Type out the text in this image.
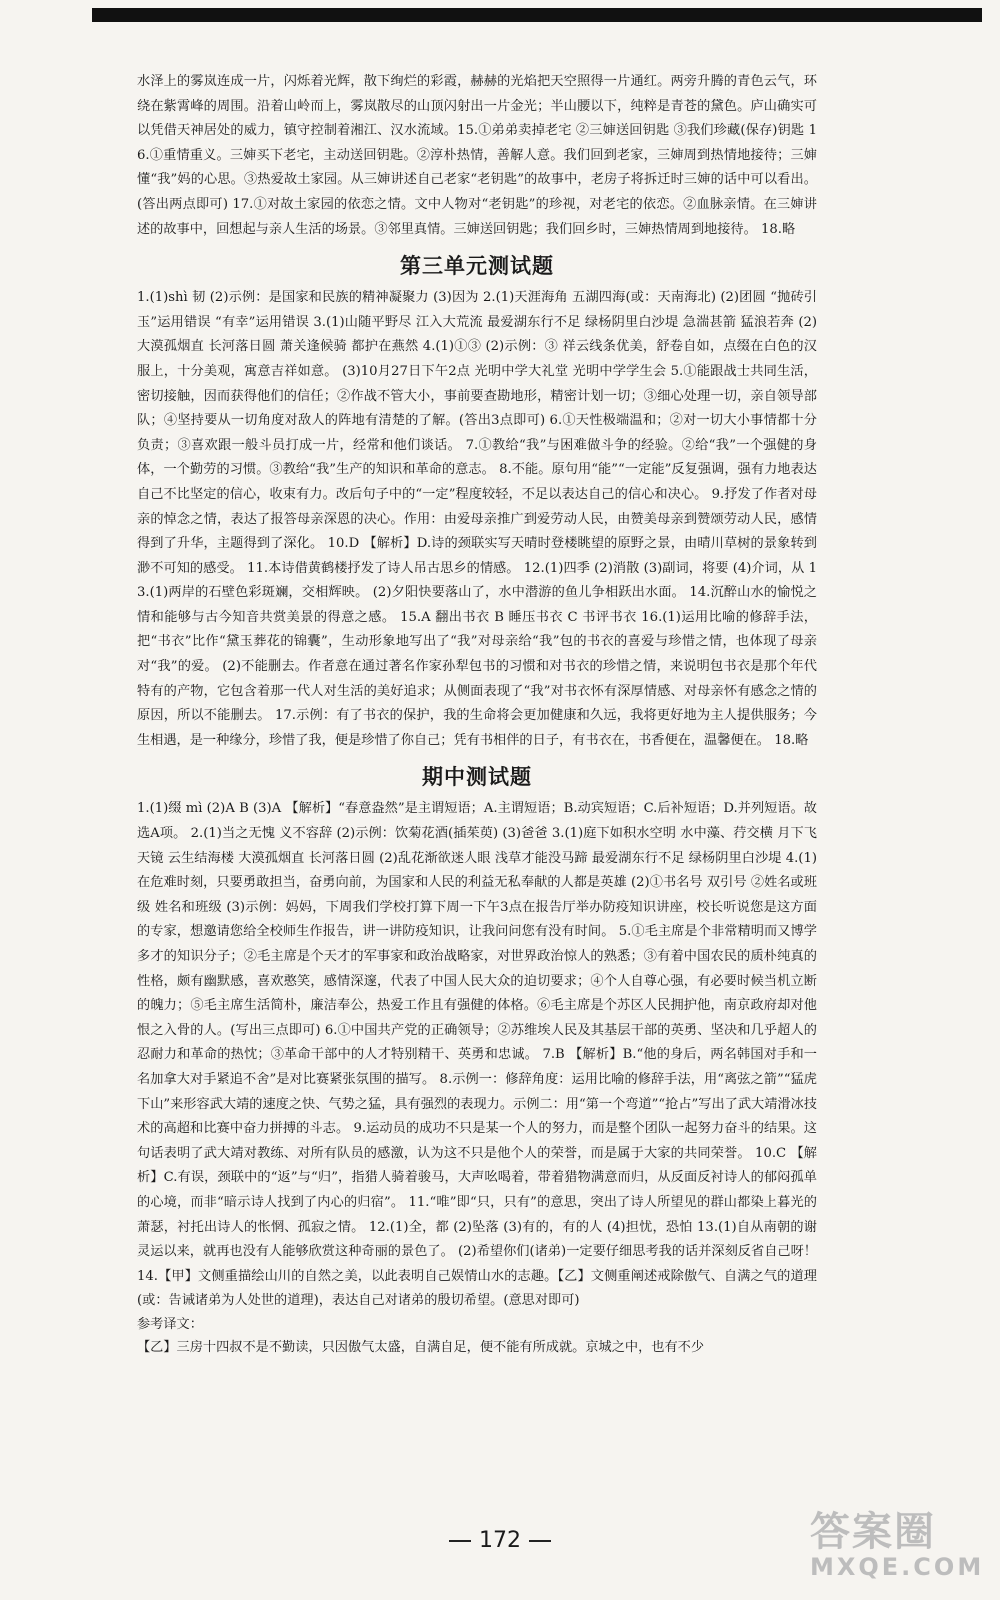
水泽上的雾岚连成一片，闪烁着光辉，散下绚烂的彩霞，赫赫的光焰把天空照得一片通红。两旁升腾的青色云气，环绕在紫霄峰的周围。沿着山岭而上，雾岚散尽的山顶闪射出一片金光；半山腰以下，纯粹是青苍的黛色。庐山确实可以凭借天神居处的威力，镇守控制着湘江、汉水流域。15.①弟弟卖掉老宅 ②三婶送回钥匙 ③我们珍藏(保存)钥匙 16.①重情重义。三婶买下老宅，主动送回钥匙。②淳朴热情，善解人意。我们回到老家，三婶周到热情地接待；三婶懂“我”妈的心思。③热爱故土家园。从三婶讲述自己老家“老钥匙”的故事中，老房子将拆迁时三婶的话中可以看出。(答出两点即可) 17.①对故土家园的依恋之情。文中人物对“老钥匙”的珍视，对老宅的依恋。②血脉亲情。在三婶讲述的故事中，回想起与亲人生活的场景。③邻里真情。三婶送回钥匙；我们回乡时，三婶热情周到地接待。 18.略

第三单元测试题

1.(1)shì 韧 (2)示例：是国家和民族的精神凝聚力 (3)因为 2.(1)天涯海角 五湖四海(或：天南海北) (2)团圆 “抛砖引玉”运用错误 “有幸”运用错误 3.(1)山随平野尽 江入大荒流 最爱湖东行不足 绿杨阴里白沙堤 急湍甚箭 猛浪若奔 (2)大漠孤烟直 长河落日圆 萧关逢候骑 都护在燕然 4.(1)①③ (2)示例：③ 祥云线条优美，舒卷自如，点缀在白色的汉服上，十分美观，寓意吉祥如意。 (3)10月27日下午2点 光明中学大礼堂 光明中学学生会 5.①能跟战士共同生活，密切接触，因而获得他们的信任；②作战不管大小，事前要查勘地形，精密计划一切；③细心处理一切，亲自领导部队；④坚持要从一切角度对敌人的阵地有清楚的了解。(答出3点即可) 6.①天性极端温和；②对一切大小事情都十分负责；③喜欢跟一般斗员打成一片，经常和他们谈话。 7.①教给“我”与困难做斗争的经验。②给“我”一个强健的身体，一个勤劳的习惯。③教给“我”生产的知识和革命的意志。 8.不能。原句用“能”“一定能”反复强调，强有力地表达自己不比坚定的信心，收束有力。改后句子中的“一定”程度较轻，不足以表达自己的信心和决心。 9.抒发了作者对母亲的悼念之情，表达了报答母亲深恩的决心。作用：由爱母亲推广到爱劳动人民，由赞美母亲到赞颂劳动人民，感情得到了升华，主题得到了深化。 10.D 【解析】D.诗的颈联实写天晴时登楼眺望的原野之景，由晴川草树的景象转到渺不可知的感受。 11.本诗借黄鹤楼抒发了诗人吊古思乡的情感。 12.(1)四季 (2)消散 (3)副词，将要 (4)介词，从 13.(1)两岸的石壁色彩斑斓，交相辉映。 (2)夕阳快要落山了，水中潜游的鱼儿争相跃出水面。 14.沉醉山水的愉悦之情和能够与古今知音共赏美景的得意之感。 15.A 翻出书衣 B 睡压书衣 C 书评书衣 16.(1)运用比喻的修辞手法，把“书衣”比作“黛玉葬花的锦囊”，生动形象地写出了“我”对母亲给“我”包的书衣的喜爱与珍惜之情，也体现了母亲对“我”的爱。 (2)不能删去。作者意在通过著名作家孙犁包书的习惯和对书衣的珍惜之情，来说明包书衣是那个年代特有的产物，它包含着那一代人对生活的美好追求；从侧面表现了“我”对书衣怀有深厚情感、对母亲怀有感念之情的原因，所以不能删去。 17.示例：有了书衣的保护，我的生命将会更加健康和久远，我将更好地为主人提供服务；今生相遇，是一种缘分，珍惜了我，便是珍惜了你自己；凭有书相伴的日子，有书衣在，书香便在，温馨便在。 18.略

期中测试题

1.(1)缀 mì (2)A B (3)A 【解析】“春意盎然”是主谓短语；A.主谓短语；B.动宾短语；C.后补短语；D.并列短语。故选A项。 2.(1)当之无愧 义不容辞 (2)示例：饮菊花酒(插茱萸) (3)爸爸 3.(1)庭下如积水空明 水中藻、荇交横 月下飞天镜 云生结海楼 大漠孤烟直 长河落日圆 (2)乱花渐欲迷人眼 浅草才能没马蹄 最爱湖东行不足 绿杨阴里白沙堤 4.(1)在危难时刻，只要勇敢担当，奋勇向前，为国家和人民的利益无私奉献的人都是英雄 (2)①书名号 双引号 ②姓名或班级 姓名和班级 (3)示例：妈妈，下周我们学校打算下周一下午3点在报告厅举办防疫知识讲座，校长听说您是这方面的专家，想邀请您给全校师生作报告，讲一讲防疫知识，让我问问您有没有时间。 5.①毛主席是个非常精明而又博学多才的知识分子；②毛主席是个天才的军事家和政治战略家，对世界政治惊人的熟悉；③有着中国农民的质朴纯真的性格，颇有幽默感，喜欢憨笑，感情深邃，代表了中国人民大众的迫切要求；④个人自尊心强，有必要时候当机立断的魄力；⑤毛主席生活简朴，廉洁奉公，热爱工作且有强健的体格。⑥毛主席是个苏区人民拥护他，南京政府却对他恨之入骨的人。(写出三点即可) 6.①中国共产党的正确领导；②苏维埃人民及其基层干部的英勇、坚决和几乎超人的忍耐力和革命的热忱；③革命干部中的人才特别精干、英勇和忠诚。 7.B 【解析】B.“他的身后，两名韩国对手和一名加拿大对手紧追不舍”是对比赛紧张氛围的描写。 8.示例一：修辞角度：运用比喻的修辞手法，用“离弦之箭”“猛虎下山”来形容武大靖的速度之快、气势之猛，具有强烈的表现力。示例二：用“第一个弯道”“抢占”写出了武大靖滑冰技术的高超和比赛中奋力拼搏的斗志。 9.运动员的成功不只是某一个人的努力，而是整个团队一起努力奋斗的结果。这句话表明了武大靖对教练、对所有队员的感激，认为这不只是他个人的荣誉，而是属于大家的共同荣誉。 10.C 【解析】C.有误，颈联中的“返”与“归”，指猎人骑着骏马，大声吆喝着，带着猎物满意而归，从反面反衬诗人的郁闷孤单的心境，而非“暗示诗人找到了内心的归宿”。 11.“唯”即“只，只有”的意思，突出了诗人所望见的群山都染上暮光的萧瑟，衬托出诗人的怅惘、孤寂之情。 12.(1)全，都 (2)坠落 (3)有的，有的人 (4)担忧，恐怕 13.(1)自从南朝的谢灵运以来，就再也没有人能够欣赏这种奇丽的景色了。 (2)希望你们(诸弟)一定要仔细思考我的话并深刻反省自己呀！ 14.【甲】文侧重描绘山川的自然之美，以此表明自己娱情山水的志趣。【乙】文侧重阐述戒除傲气、自满之气的道理(或：告诫诸弟为人处世的道理)，表达自己对诸弟的殷切希望。(意思对即可)

参考译文：

【乙】三房十四叔不是不勤读，只因傲气太盛，自满自足，便不能有所成就。京城之中，也有不少

172	答案圈
MXQE.COM
